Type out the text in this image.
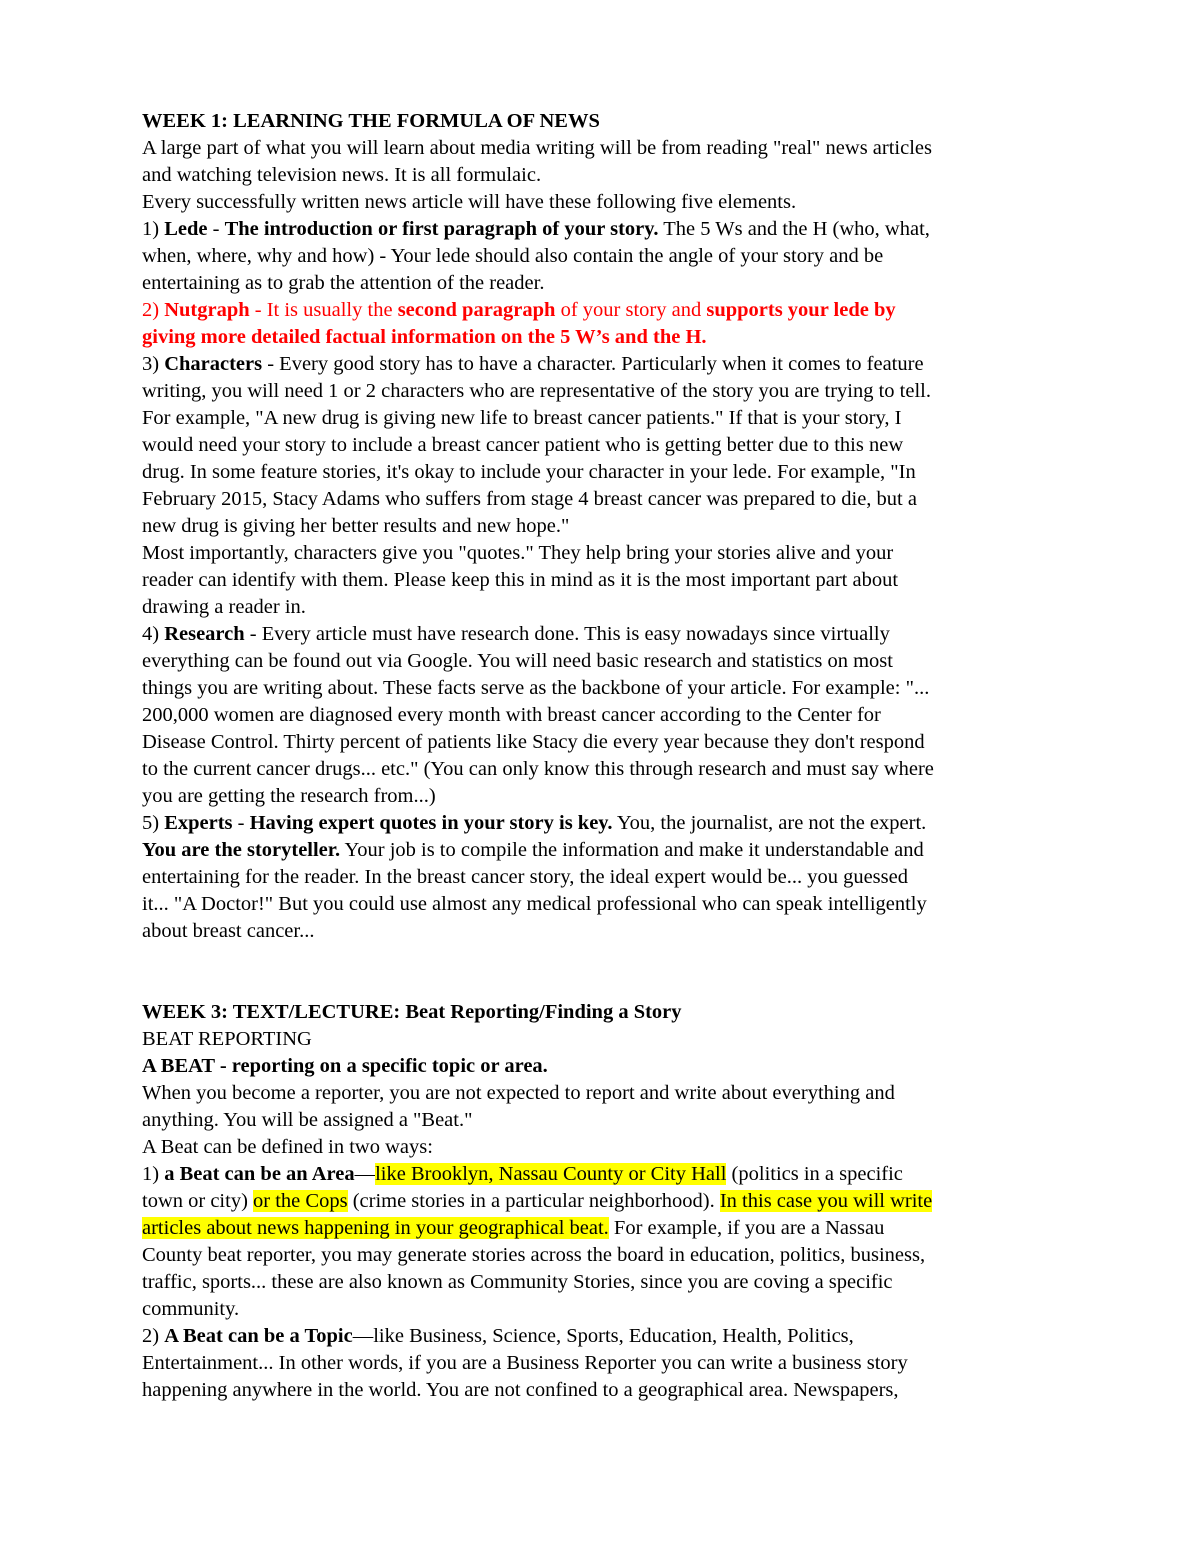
WEEK 1: LEARNING THE FORMULA OF NEWS
A large part of what you will learn about media writing will be from reading "real" news articles
and watching television news. It is all formulaic.
Every successfully written news article will have these following five elements.
1) Lede - The introduction or first paragraph of your story. The 5 Ws and the H (who, what,
when, where, why and how) - Your lede should also contain the angle of your story and be
entertaining as to grab the attention of the reader.
2) Nutgraph - It is usually the second paragraph of your story and supports your lede by
giving more detailed factual information on the 5 W’s and the H.
3) Characters - Every good story has to have a character. Particularly when it comes to feature
writing, you will need 1 or 2 characters who are representative of the story you are trying to tell.
For example, "A new drug is giving new life to breast cancer patients." If that is your story, I
would need your story to include a breast cancer patient who is getting better due to this new
drug. In some feature stories, it's okay to include your character in your lede. For example, "In
February 2015, Stacy Adams who suffers from stage 4 breast cancer was prepared to die, but a
new drug is giving her better results and new hope."
Most importantly, characters give you "quotes." They help bring your stories alive and your
reader can identify with them. Please keep this in mind as it is the most important part about
drawing a reader in.
4) Research - Every article must have research done. This is easy nowadays since virtually
everything can be found out via Google. You will need basic research and statistics on most
things you are writing about. These facts serve as the backbone of your article. For example: "...
200,000 women are diagnosed every month with breast cancer according to the Center for
Disease Control. Thirty percent of patients like Stacy die every year because they don't respond
to the current cancer drugs... etc." (You can only know this through research and must say where
you are getting the research from...)
5) Experts - Having expert quotes in your story is key. You, the journalist, are not the expert.
You are the storyteller. Your job is to compile the information and make it understandable and
entertaining for the reader. In the breast cancer story, the ideal expert would be... you guessed
it... "A Doctor!" But you could use almost any medical professional who can speak intelligently
about breast cancer...
WEEK 3: TEXT/LECTURE: Beat Reporting/Finding a Story
BEAT REPORTING
A BEAT - reporting on a specific topic or area.
When you become a reporter, you are not expected to report and write about everything and
anything. You will be assigned a "Beat."
A Beat can be defined in two ways:
1) a Beat can be an Area—like Brooklyn, Nassau County or City Hall (politics in a specific
town or city) or the Cops (crime stories in a particular neighborhood). In this case you will write
articles about news happening in your geographical beat. For example, if you are a Nassau
County beat reporter, you may generate stories across the board in education, politics, business,
traffic, sports... these are also known as Community Stories, since you are coving a specific
community.
2) A Beat can be a Topic—like Business, Science, Sports, Education, Health, Politics,
Entertainment... In other words, if you are a Business Reporter you can write a business story
happening anywhere in the world. You are not confined to a geographical area. Newspapers,
